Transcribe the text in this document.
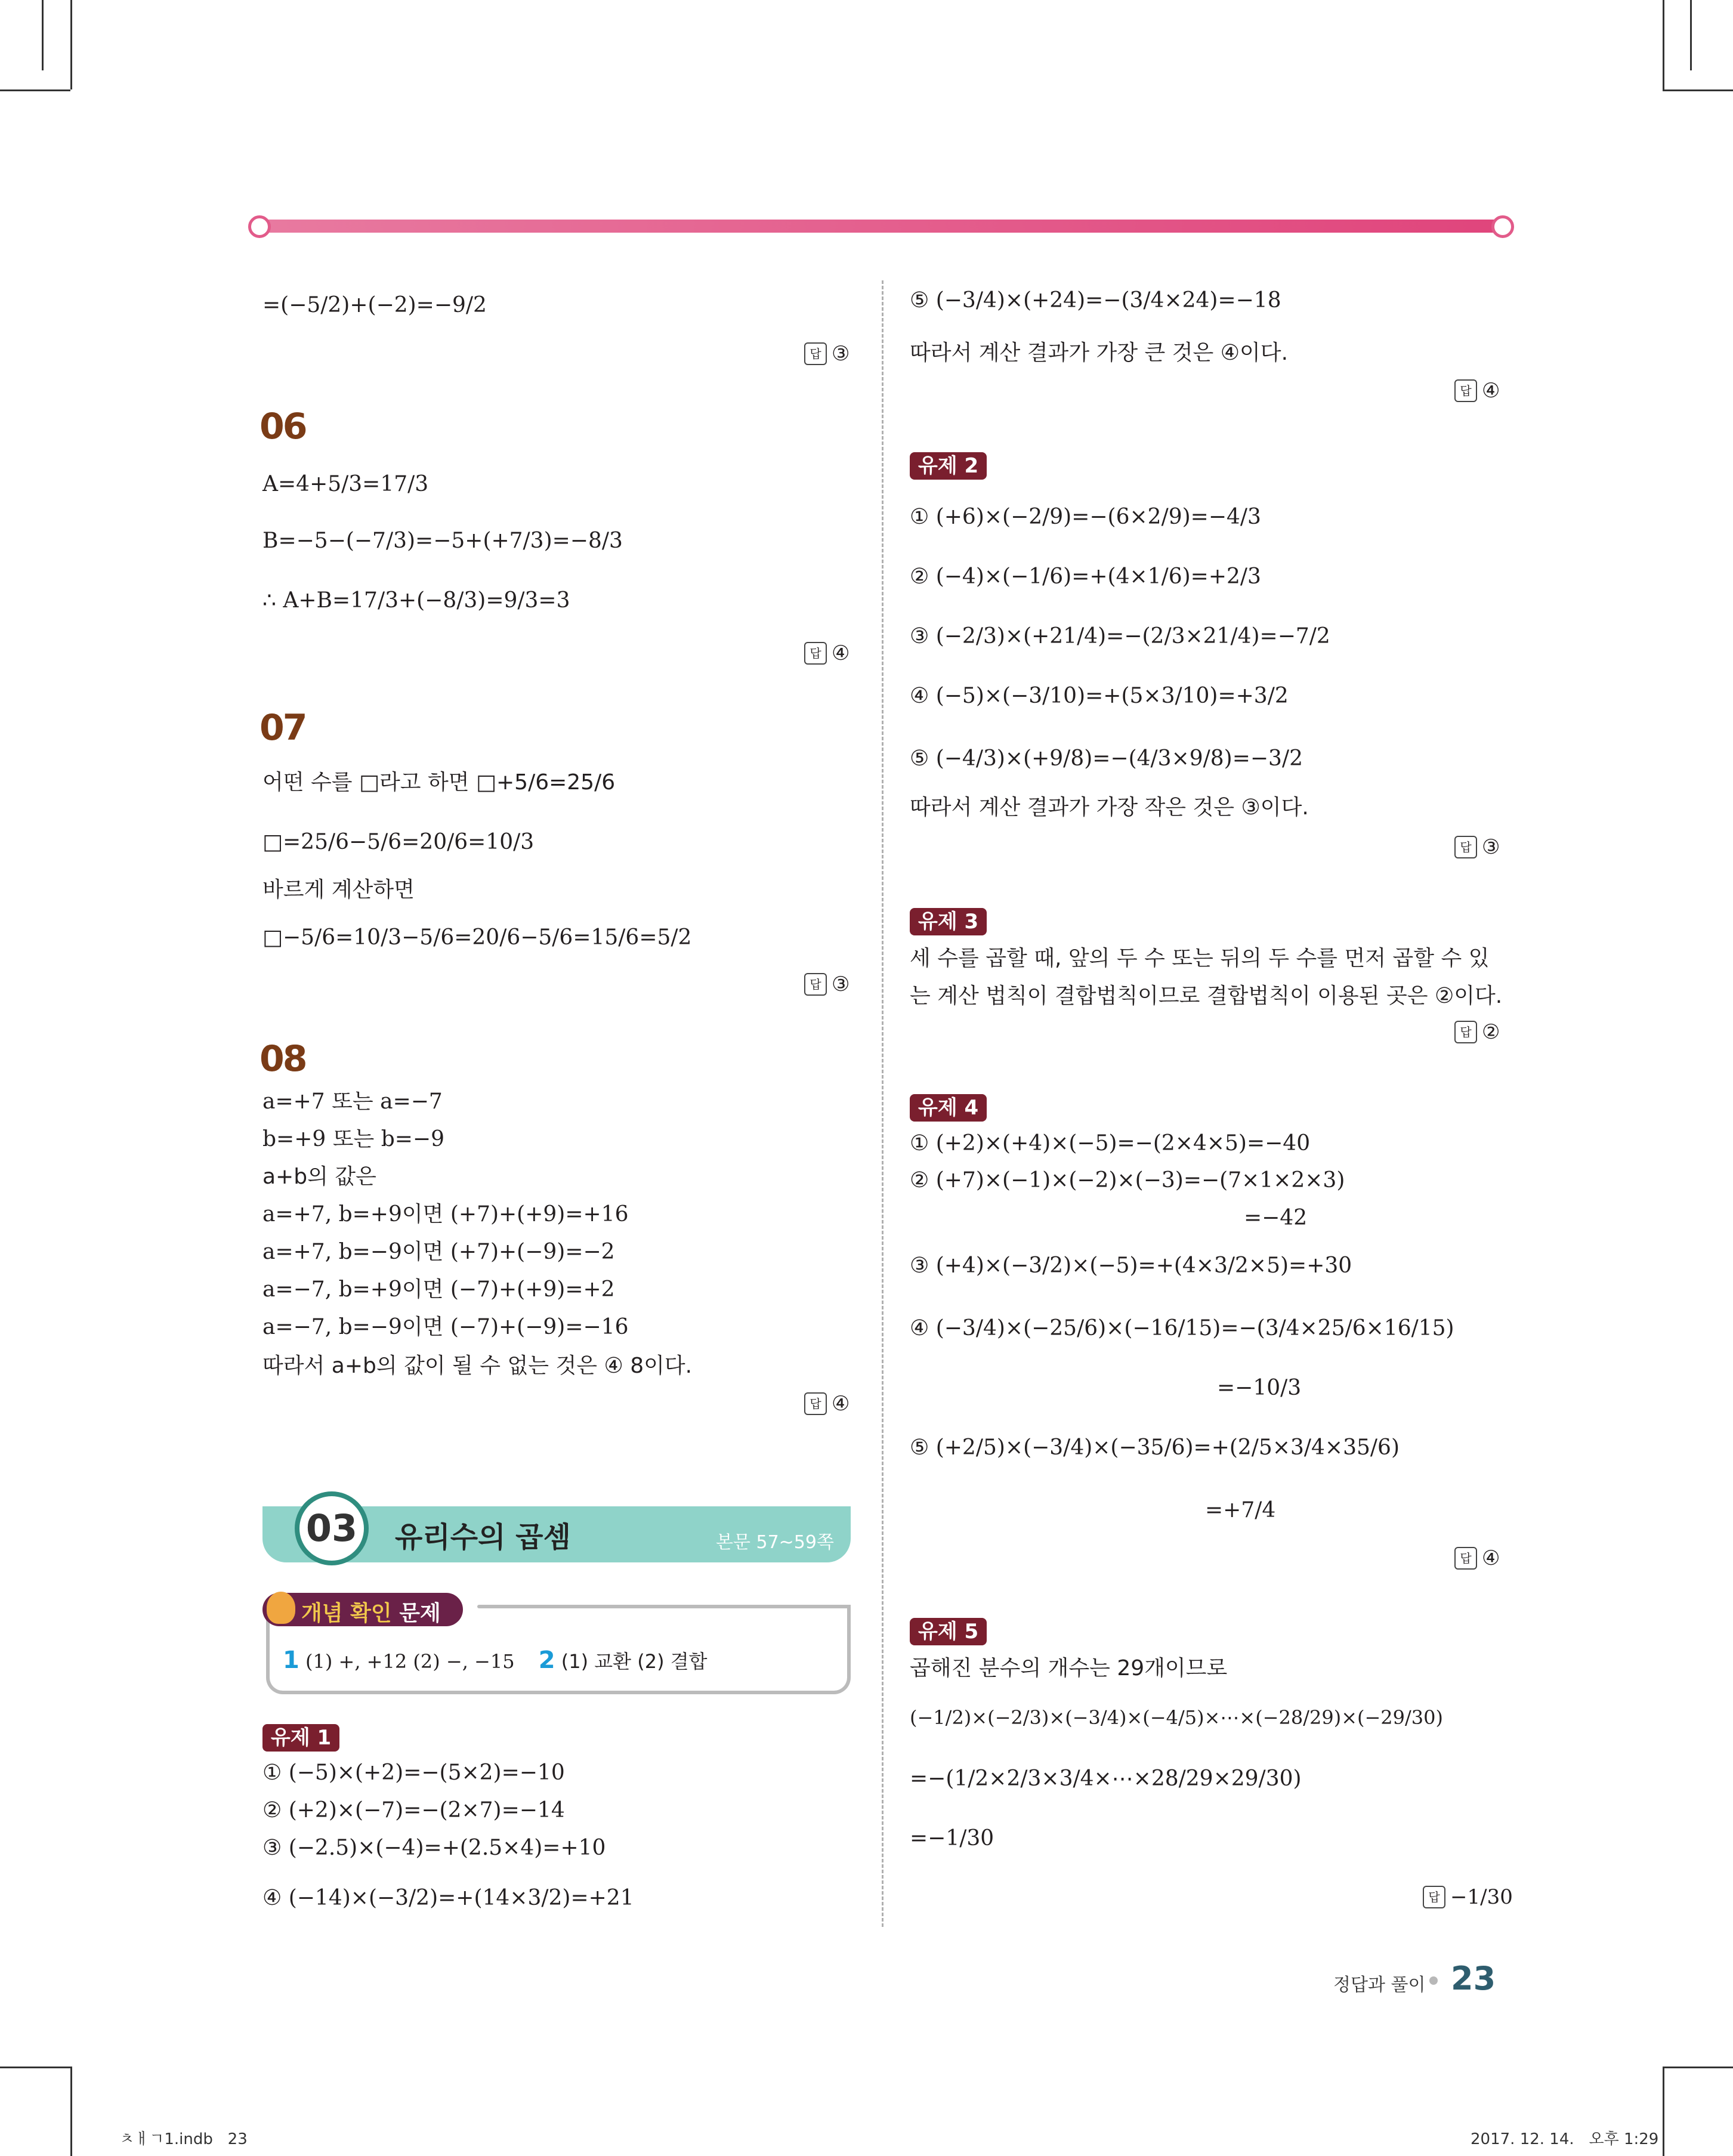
=(−5/2)+(−2)=−9/2
답 ③
06
A=4+5/3=17/3
B=−5−(−7/3)=−5+(+7/3)=−8/3
∴ A+B=17/3+(−8/3)=9/3=3
답 ④
07
어떤 수를 □라고 하면 □+5/6=25/6
□=25/6−5/6=20/6=10/3
바르게 계산하면
□−5/6=10/3−5/6=20/6−5/6=15/6=5/2
답 ③
08
a=+7 또는 a=−7
b=+9 또는 b=−9
a+b의 값은
a=+7, b=+9이면 (+7)+(+9)=+16
a=+7, b=−9이면 (+7)+(−9)=−2
a=−7, b=+9이면 (−7)+(+9)=+2
a=−7, b=−9이면 (−7)+(−9)=−16
따라서 a+b의 값이 될 수 없는 것은 ④ 8이다.
답 ④
03	유리수의 곱셈	본문 57~59쪽
개념 확인 문제
1 (1) +, +12 (2) −, −15 2 (1) 교환 (2) 결합
유제 1
① (−5)×(+2)=−(5×2)=−10
② (+2)×(−7)=−(2×7)=−14
③ (−2.5)×(−4)=+(2.5×4)=+10
④ (−14)×(−3/2)=+(14×3/2)=+21
⑤ (−3/4)×(+24)=−(3/4×24)=−18
따라서 계산 결과가 가장 큰 것은 ④이다.
답 ④
유제 2
① (+6)×(−2/9)=−(6×2/9)=−4/3
② (−4)×(−1/6)=+(4×1/6)=+2/3
③ (−2/3)×(+21/4)=−(2/3×21/4)=−7/2
④ (−5)×(−3/10)=+(5×3/10)=+3/2
⑤ (−4/3)×(+9/8)=−(4/3×9/8)=−3/2
따라서 계산 결과가 가장 작은 것은 ③이다.
답 ③
유제 3
세 수를 곱할 때, 앞의 두 수 또는 뒤의 두 수를 먼저 곱할 수 있
는 계산 법칙이 결합법칙이므로 결합법칙이 이용된 곳은 ②이다.
답 ②
유제 4
① (+2)×(+4)×(−5)=−(2×4×5)=−40
② (+7)×(−1)×(−2)×(−3)=−(7×1×2×3)
=−42
③ (+4)×(−3/2)×(−5)=+(4×3/2×5)=+30
④ (−3/4)×(−25/6)×(−16/15)=−(3/4×25/6×16/15)
=−10/3
⑤ (+2/5)×(−3/4)×(−35/6)=+(2/5×3/4×35/6)
=+7/4
답 ④
유제 5
곱해진 분수의 개수는 29개이므로
(−1/2)×(−2/3)×(−3/4)×(−4/5)×⋯×(−28/29)×(−29/30)
=−(1/2×2/3×3/4×⋯×28/29×29/30)
=−1/30
답 −1/30
정답과 풀이 23
ㅊㅐㄱ1.indb   23	2017. 12. 14.   오후 1:29
